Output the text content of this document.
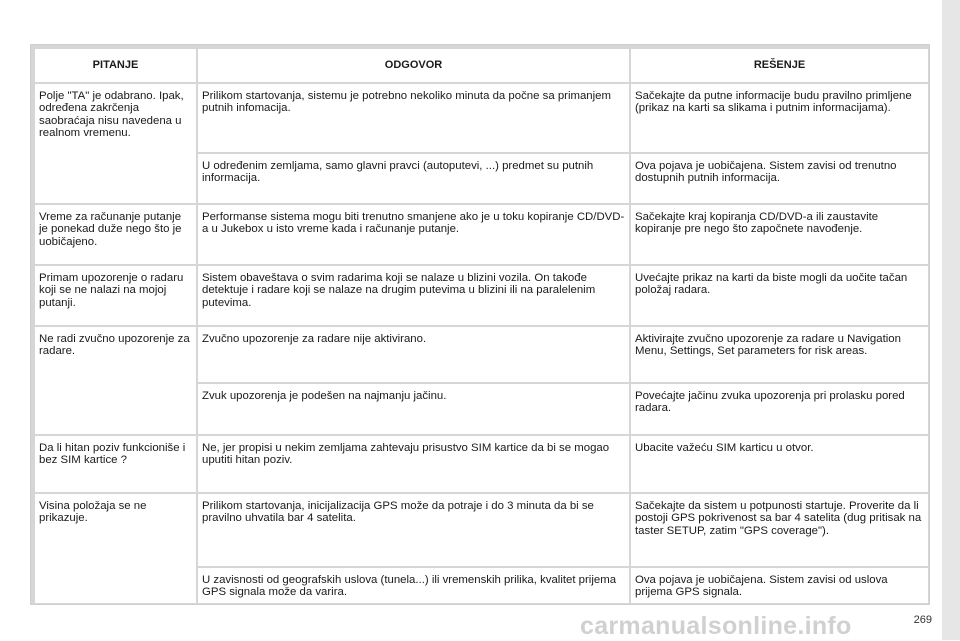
PITANJE	ODGOVOR	REŠENJE
Polje "TA" je odabrano. Ipak, određena zakrčenja saobraćaja nisu navedena u realnom vremenu.	Prilikom startovanja, sistemu je potrebno nekoliko minuta da počne sa primanjem putnih infomacija.	Sačekajte da putne informacije budu pravilno primljene (prikaz na karti sa slikama i putnim informacijama).
	U određenim zemljama, samo glavni pravci (autoputevi, ...) predmet su putnih informacija.	Ova pojava je uobičajena. Sistem zavisi od trenutno dostupnih putnih informacija.
Vreme za računanje putanje je ponekad duže nego što je uobičajeno.	Performanse sistema mogu biti trenutno smanjene ako je u toku kopiranje CD/DVD-a u Jukebox u isto vreme kada i računanje putanje.	Sačekajte kraj kopiranja CD/DVD-a ili zaustavite kopiranje pre nego što započnete navođenje.
Primam upozorenje o radaru koji se ne nalazi na mojoj putanji.	Sistem obaveštava o svim radarima koji se nalaze u blizini vozila. On takođe detektuje i radare koji se nalaze na drugim putevima u blizini ili na paralelenim putevima.	Uvećajte prikaz na karti da biste mogli da uočite tačan položaj radara.
Ne radi zvučno upozorenje za radare.	Zvučno upozorenje za radare nije aktivirano.	Aktivirajte zvučno upozorenje za radare u Navigation Menu, Settings, Set parameters for risk areas.
	Zvuk upozorenja je podešen na najmanju jačinu.	Povećajte jačinu zvuka upozorenja pri prolasku pored radara.
Da li hitan poziv funkcioniše i bez SIM kartice ?	Ne, jer propisi u nekim zemljama zahtevaju prisustvo SIM kartice da bi se mogao uputiti hitan poziv.	Ubacite važeću SIM karticu u otvor.
Visina položaja se ne prikazuje.	Prilikom startovanja, inicijalizacija GPS može da potraje i do 3 minuta da bi se pravilno uhvatila bar 4 satelita.	Sačekajte da sistem u potpunosti startuje. Proverite da li postoji GPS pokrivenost sa bar 4 satelita (dug pritisak na taster SETUP, zatim "GPS coverage").
	U zavisnosti od geografskih uslova (tunela...) ili vremenskih prilika, kvalitet prijema GPS signala može da varira.	Ova pojava je uobičajena. Sistem zavisi od uslova prijema GPS signala.
carmanualsonline.info	269
